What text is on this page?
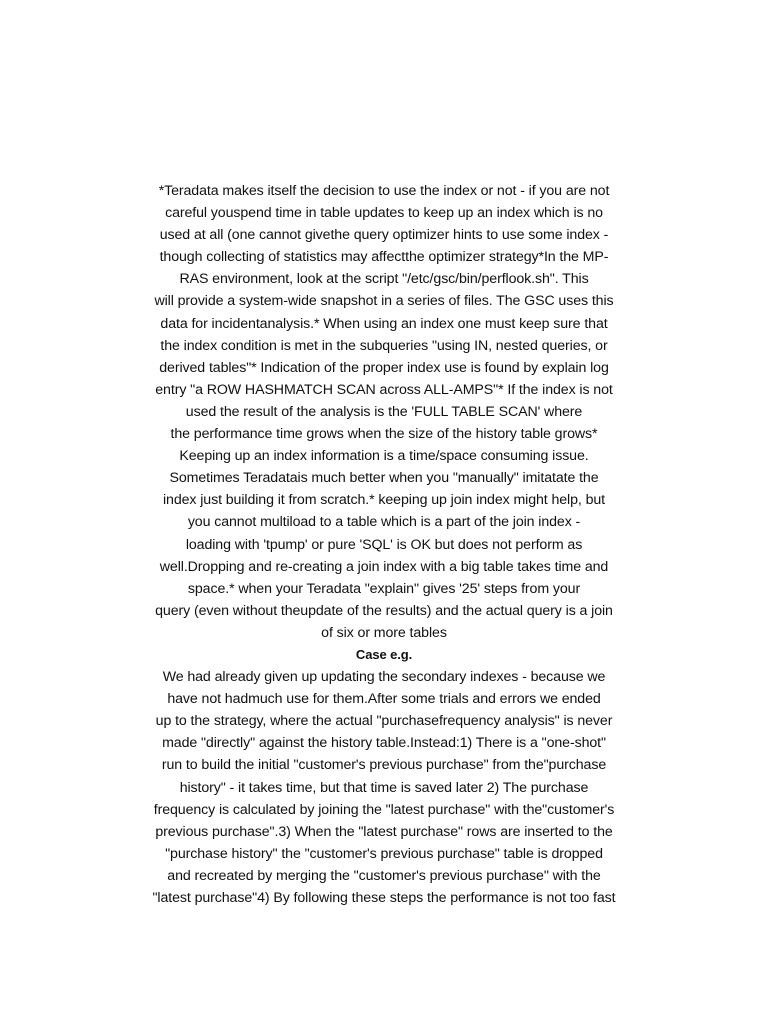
*Teradata makes itself the decision to use the index or not - if you are not
careful youspend time in table updates to keep up an index which is no
used at all (one cannot givethe query optimizer hints to use some index -
though collecting of statistics may affectthe optimizer strategy*In the MP-
RAS environment, look at the script "/etc/gsc/bin/perflook.sh". This
will provide a system-wide snapshot in a series of files. The GSC uses this
data for incidentanalysis.* When using an index one must keep sure that
the index condition is met in the subqueries "using IN, nested queries, or
derived tables"* Indication of the proper index use is found by explain log
entry "a ROW HASHMATCH SCAN across ALL-AMPS"* If the index is not
used the result of the analysis is the 'FULL TABLE SCAN' where
the performance time grows when the size of the history table grows*
Keeping up an index information is a time/space consuming issue.
Sometimes Teradatais much better when you "manually" imitatate the
index just building it from scratch.* keeping up join index might help, but
you cannot multiload to a table which is a part of the join index -
loading with 'tpump' or pure 'SQL' is OK but does not perform as
well.Dropping and re-creating a join index with a big table takes time and
space.* when your Teradata "explain" gives '25' steps from your
query (even without theupdate of the results) and the actual query is a join
of six or more tables
Case e.g.
We had already given up updating the secondary indexes - because we
have not hadmuch use for them.After some trials and errors we ended
up to the strategy, where the actual "purchasefrequency analysis" is never
made "directly" against the history table.Instead:1) There is a "one-shot"
run to build the initial "customer's previous purchase" from the"purchase
history" - it takes time, but that time is saved later 2) The purchase
frequency is calculated by joining the "latest purchase" with the"customer's
previous purchase".3) When the "latest purchase" rows are inserted to the
"purchase history" the "customer's previous purchase" table is dropped
and recreated by merging the "customer's previous purchase" with the
"latest purchase"4) By following these steps the performance is not too fast
